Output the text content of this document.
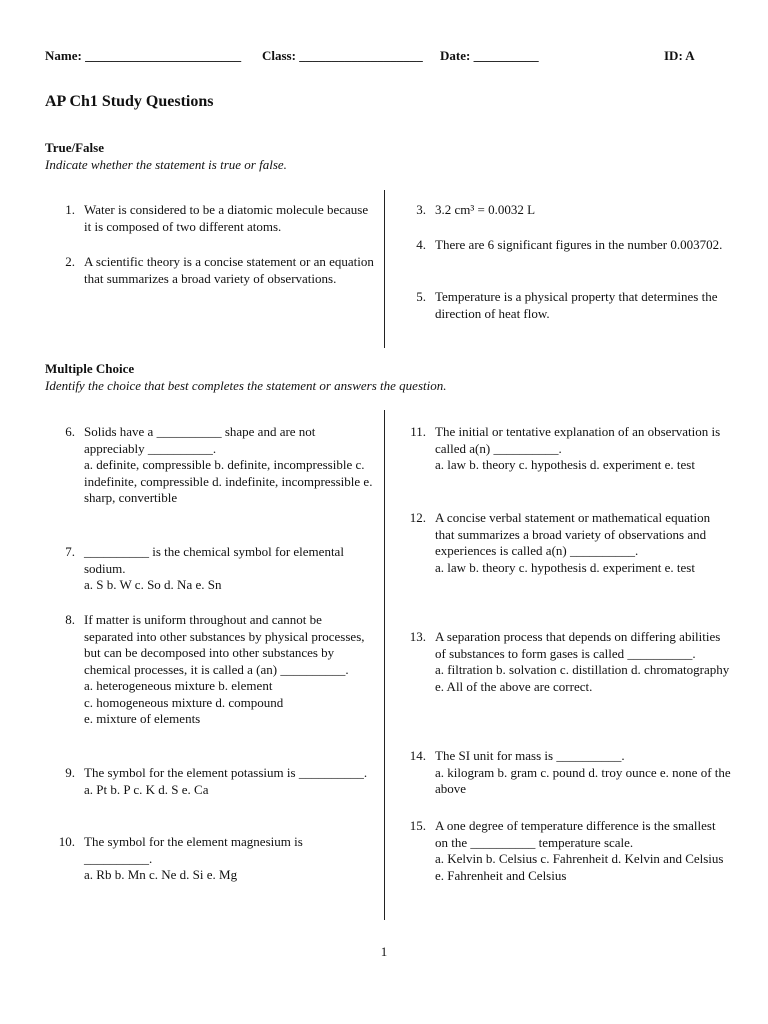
Name: ________________________ Class: ___________________ Date: __________	ID: A
AP Ch1 Study Questions
True/False
Indicate whether the statement is true or false.
1. Water is considered to be a diatomic molecule because it is composed of two different atoms.
2. A scientific theory is a concise statement or an equation that summarizes a broad variety of observations.
3. 3.2 cm³ = 0.0032 L
4. There are 6 significant figures in the number 0.003702.
5. Temperature is a physical property that determines the direction of heat flow.
Multiple Choice
Identify the choice that best completes the statement or answers the question.
6. Solids have a __________ shape and are not appreciably __________.
a. definite, compressible b. definite, incompressible c. indefinite, compressible d. indefinite, incompressible e. sharp, convertible
7. __________ is the chemical symbol for elemental sodium.
a. S b. W c. So d. Na e. Sn
8. If matter is uniform throughout and cannot be separated into other substances by physical processes, but can be decomposed into other substances by chemical processes, it is called a (an) __________.
a. heterogeneous mixture b. element
c. homogeneous mixture d. compound
e. mixture of elements
9. The symbol for the element potassium is __________.
a. Pt b. P c. K d. S e. Ca
10. The symbol for the element magnesium is __________.
a. Rb b. Mn c. Ne d. Si e. Mg
11. The initial or tentative explanation of an observation is called a(n) __________.
a. law b. theory c. hypothesis d. experiment e. test
12. A concise verbal statement or mathematical equation that summarizes a broad variety of observations and experiences is called a(n) __________.
a. law b. theory c. hypothesis d. experiment e. test
13. A separation process that depends on differing abilities of substances to form gases is called __________.
a. filtration b. solvation c. distillation d. chromatography e. All of the above are correct.
14. The SI unit for mass is __________.
a. kilogram b. gram c. pound d. troy ounce e. none of the above
15. A one degree of temperature difference is the smallest on the __________ temperature scale.
a. Kelvin b. Celsius c. Fahrenheit d. Kelvin and Celsius e. Fahrenheit and Celsius
1
